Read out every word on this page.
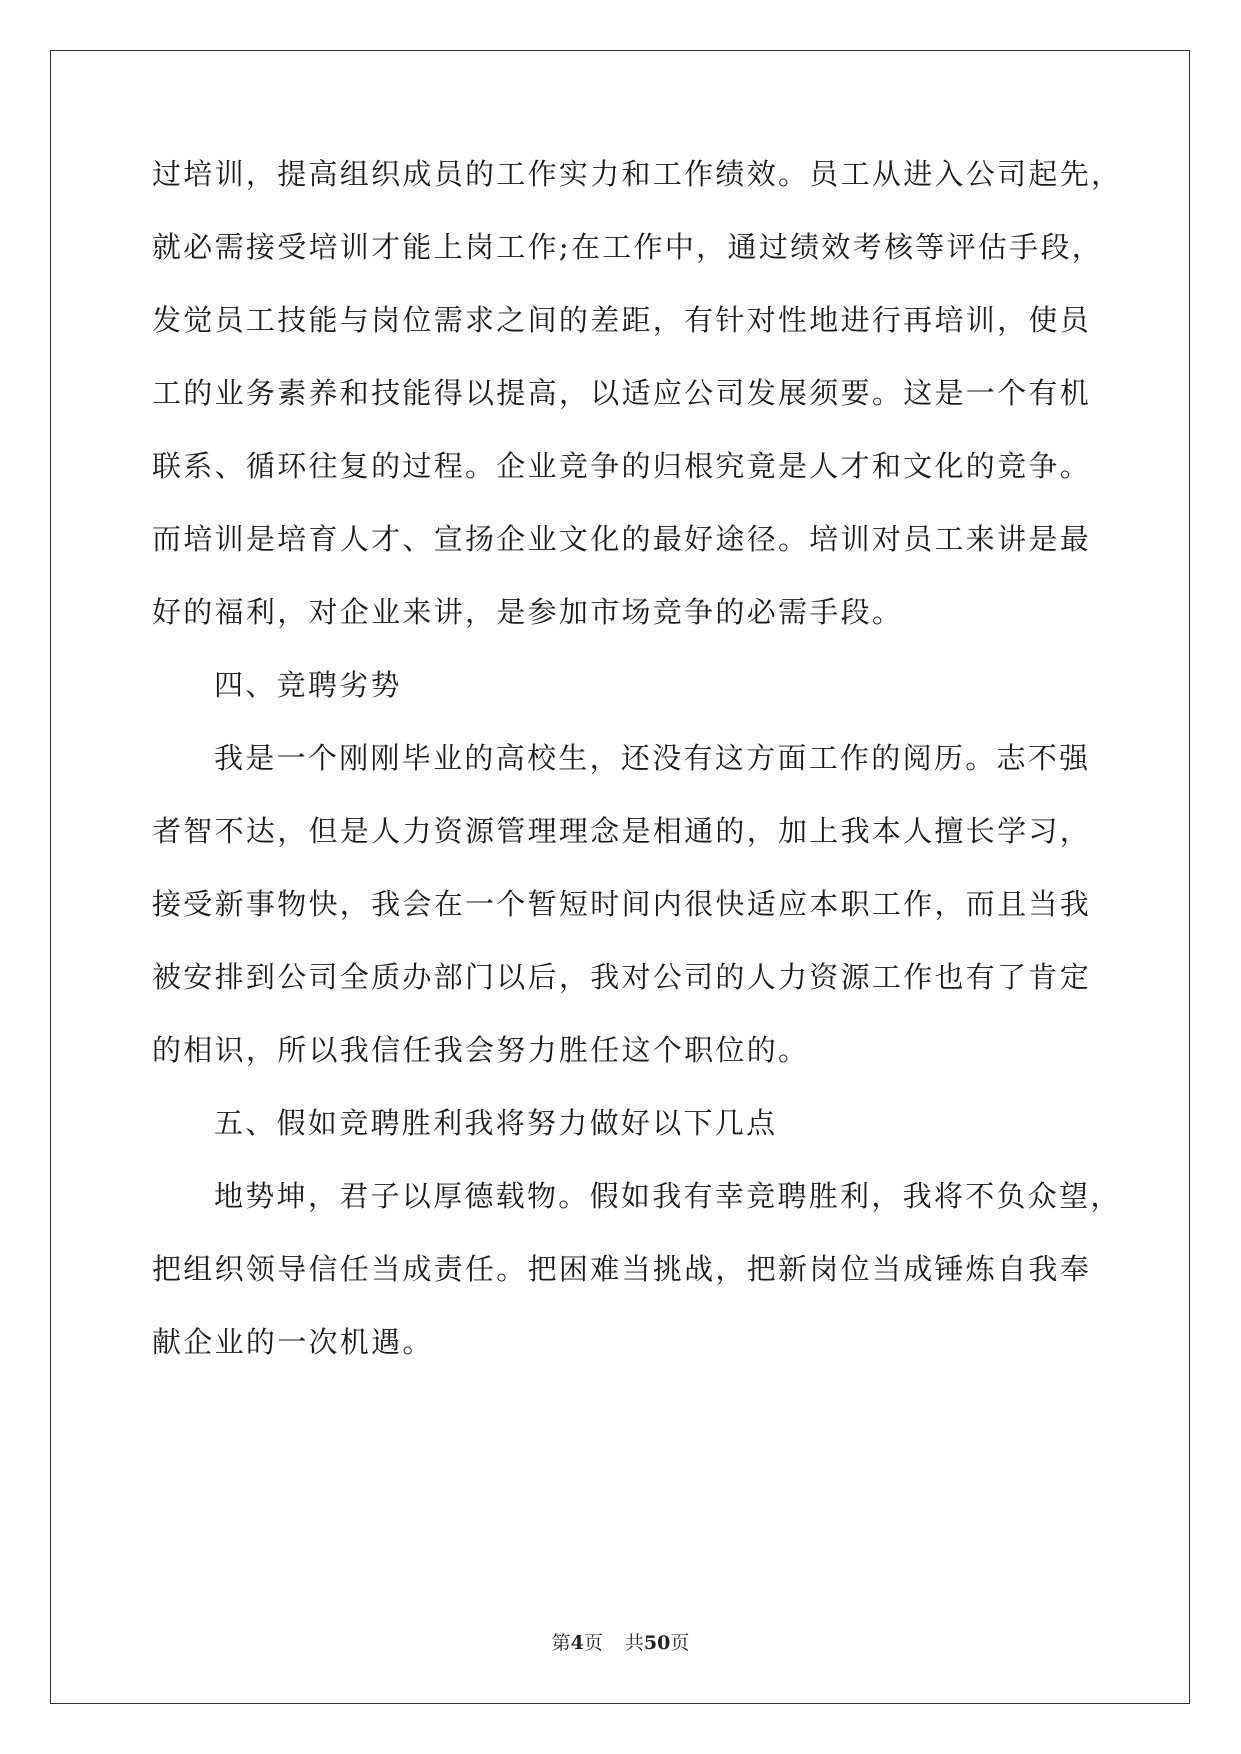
过培训，提高组织成员的工作实力和工作绩效。员工从进入公司起先，

就必需接受培训才能上岗工作;在工作中，通过绩效考核等评估手段，

发觉员工技能与岗位需求之间的差距，有针对性地进行再培训，使员

工的业务素养和技能得以提高，以适应公司发展须要。这是一个有机

联系、循环往复的过程。企业竞争的归根究竟是人才和文化的竞争。

而培训是培育人才、宣扬企业文化的最好途径。培训对员工来讲是最

好的福利，对企业来讲，是参加市场竞争的必需手段。

四、竞聘劣势

我是一个刚刚毕业的高校生，还没有这方面工作的阅历。志不强

者智不达，但是人力资源管理理念是相通的，加上我本人擅长学习，

接受新事物快，我会在一个暂短时间内很快适应本职工作，而且当我

被安排到公司全质办部门以后，我对公司的人力资源工作也有了肯定

的相识，所以我信任我会努力胜任这个职位的。

五、假如竞聘胜利我将努力做好以下几点

地势坤，君子以厚德载物。假如我有幸竞聘胜利，我将不负众望，

把组织领导信任当成责任。把困难当挑战，把新岗位当成锤炼自我奉

献企业的一次机遇。

第4页 共50页
